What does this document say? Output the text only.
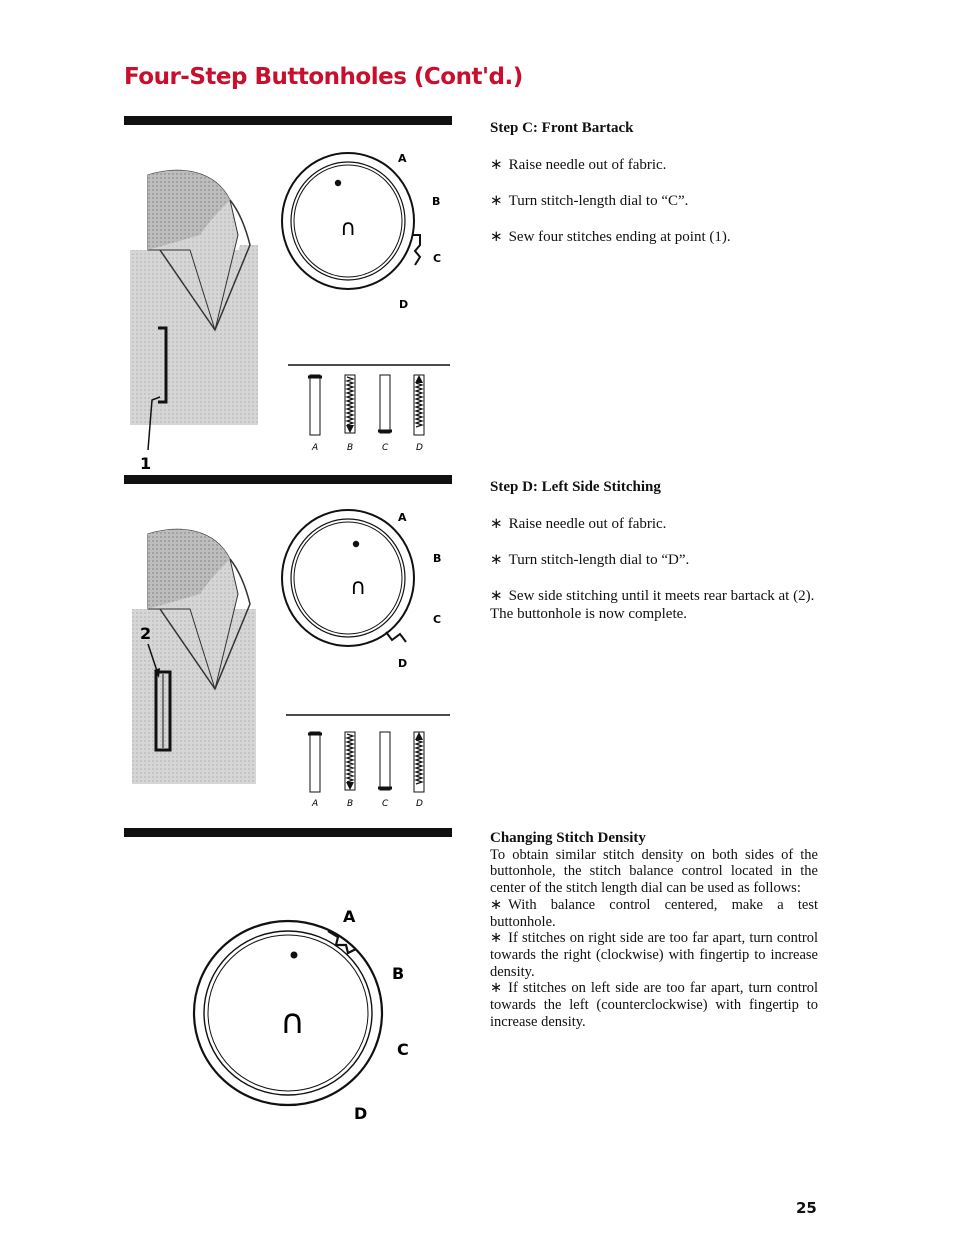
Four-Step Buttonholes (Cont'd.)
1
∩
A
B
C
D
A	B	C	D
2
∩
A
B
C
D
A	B	C	D
∩
A
B
C
D
Step C: Front Bartack

∗ Raise needle out of fabric.

∗ Turn stitch-length dial to “C”.

∗ Sew four stitches ending at point (1).

Step D: Left Side Stitching

∗ Raise needle out of fabric.

∗ Turn stitch-length dial to “D”.

∗ Sew side stitching until it meets rear bartack at (2). The buttonhole is now complete.

Changing Stitch Density

To obtain similar stitch density on both sides of the buttonhole, the stitch balance control located in the center of the stitch length dial can be used as follows:

∗ With balance control centered, make a test buttonhole.

∗ If stitches on right side are too far apart, turn control towards the right (clockwise) with fingertip to increase density.

∗ If stitches on left side are too far apart, turn control towards the left (counterclockwise) with fingertip to increase density.

25
